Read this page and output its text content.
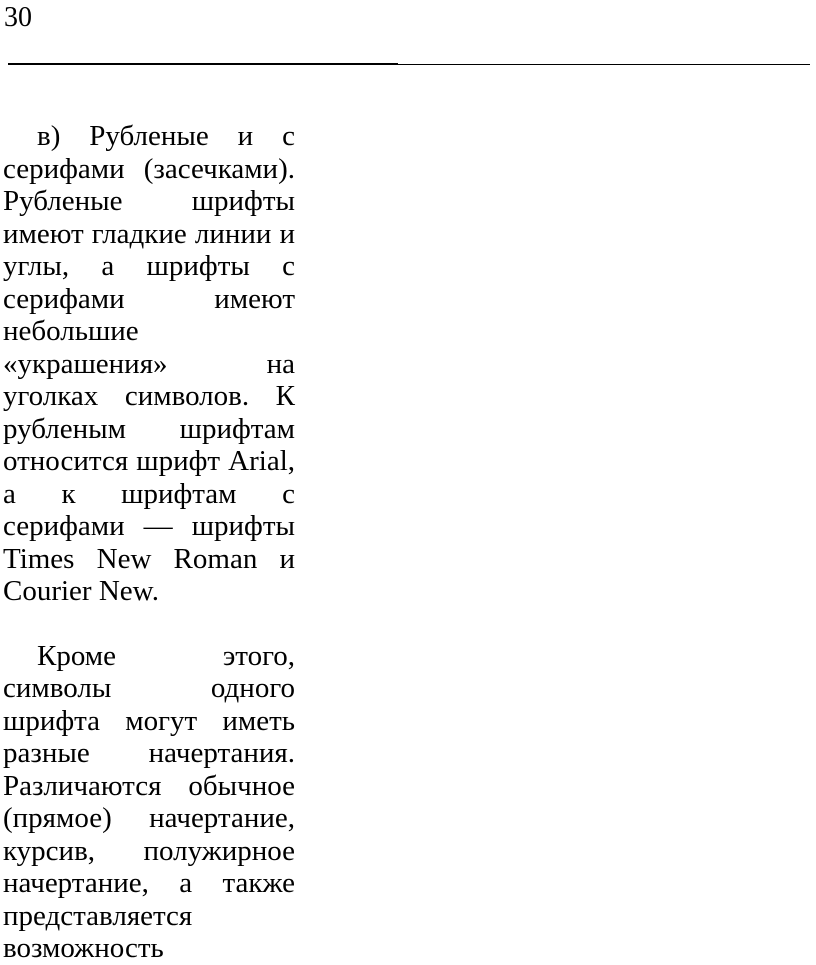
30

в) Рубленые и с серифами (засечками). Рубленые шрифты имеют гладкие линии и углы, а шрифты с серифами имеют небольшие «украшения» на уголках символов. К рубленым шрифтам относится шрифт Arial, а к шрифтам с серифами — шрифты Times New Roman и Courier New.

Кроме этого, символы одного шрифта могут иметь разные начертания. Различаются обычное (прямое) начертание, курсив, полужирное начертание, а также представляется возможность
